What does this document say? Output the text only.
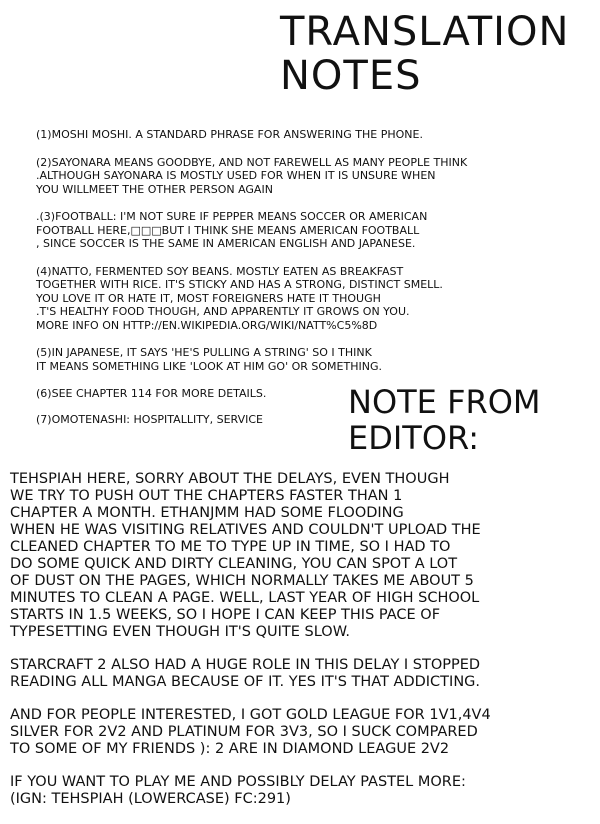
TRANSLATION
NOTES
(1)MOSHI MOSHI. A STANDARD PHRASE FOR ANSWERING THE PHONE.
(2)SAYONARA MEANS GOODBYE, AND NOT FAREWELL AS MANY PEOPLE THINK
.ALTHOUGH SAYONARA IS MOSTLY USED FOR WHEN IT IS UNSURE WHEN
YOU WILLMEET THE OTHER PERSON AGAIN
.(3)FOOTBALL: I'M NOT SURE IF PEPPER MEANS SOCCER OR AMERICAN
FOOTBALL HERE,□□□BUT I THINK SHE MEANS AMERICAN FOOTBALL
, SINCE SOCCER IS THE SAME IN AMERICAN ENGLISH AND JAPANESE.
(4)NATTO, FERMENTED SOY BEANS. MOSTLY EATEN AS BREAKFAST
TOGETHER WITH RICE. IT'S STICKY AND HAS A STRONG, DISTINCT SMELL.
YOU LOVE IT OR HATE IT, MOST FOREIGNERS HATE IT THOUGH
.T'S HEALTHY FOOD THOUGH, AND APPARENTLY IT GROWS ON YOU.
MORE INFO ON HTTP://EN.WIKIPEDIA.ORG/WIKI/NATT%C5%8D
(5)IN JAPANESE, IT SAYS 'HE'S PULLING A STRING' SO I THINK
IT MEANS SOMETHING LIKE 'LOOK AT HIM GO' OR SOMETHING.
(6)SEE CHAPTER 114 FOR MORE DETAILS.
(7)OMOTENASHI: HOSPITALLITY, SERVICE	NOTE FROM
EDITOR:

TEHSPIAH HERE, SORRY ABOUT THE DELAYS, EVEN THOUGH
WE TRY TO PUSH OUT THE CHAPTERS FASTER THAN 1
CHAPTER A MONTH. ETHANJMM HAD SOME FLOODING
WHEN HE WAS VISITING RELATIVES AND COULDN'T UPLOAD THE
CLEANED CHAPTER TO ME TO TYPE UP IN TIME, SO I HAD TO
DO SOME QUICK AND DIRTY CLEANING, YOU CAN SPOT A LOT
OF DUST ON THE PAGES, WHICH NORMALLY TAKES ME ABOUT 5
MINUTES TO CLEAN A PAGE. WELL, LAST YEAR OF HIGH SCHOOL
STARTS IN 1.5 WEEKS, SO I HOPE I CAN KEEP THIS PACE OF
TYPESETTING EVEN THOUGH IT'S QUITE SLOW.

STARCRAFT 2 ALSO HAD A HUGE ROLE IN THIS DELAY I STOPPED
READING ALL MANGA BECAUSE OF IT. YES IT'S THAT ADDICTING.

AND FOR PEOPLE INTERESTED, I GOT GOLD LEAGUE FOR 1V1,4V4
SILVER FOR 2V2 AND PLATINUM FOR 3V3, SO I SUCK COMPARED
TO SOME OF MY FRIENDS ): 2 ARE IN DIAMOND LEAGUE 2V2

IF YOU WANT TO PLAY ME AND POSSIBLY DELAY PASTEL MORE:
(IGN: TEHSPIAH (LOWERCASE) FC:291)
